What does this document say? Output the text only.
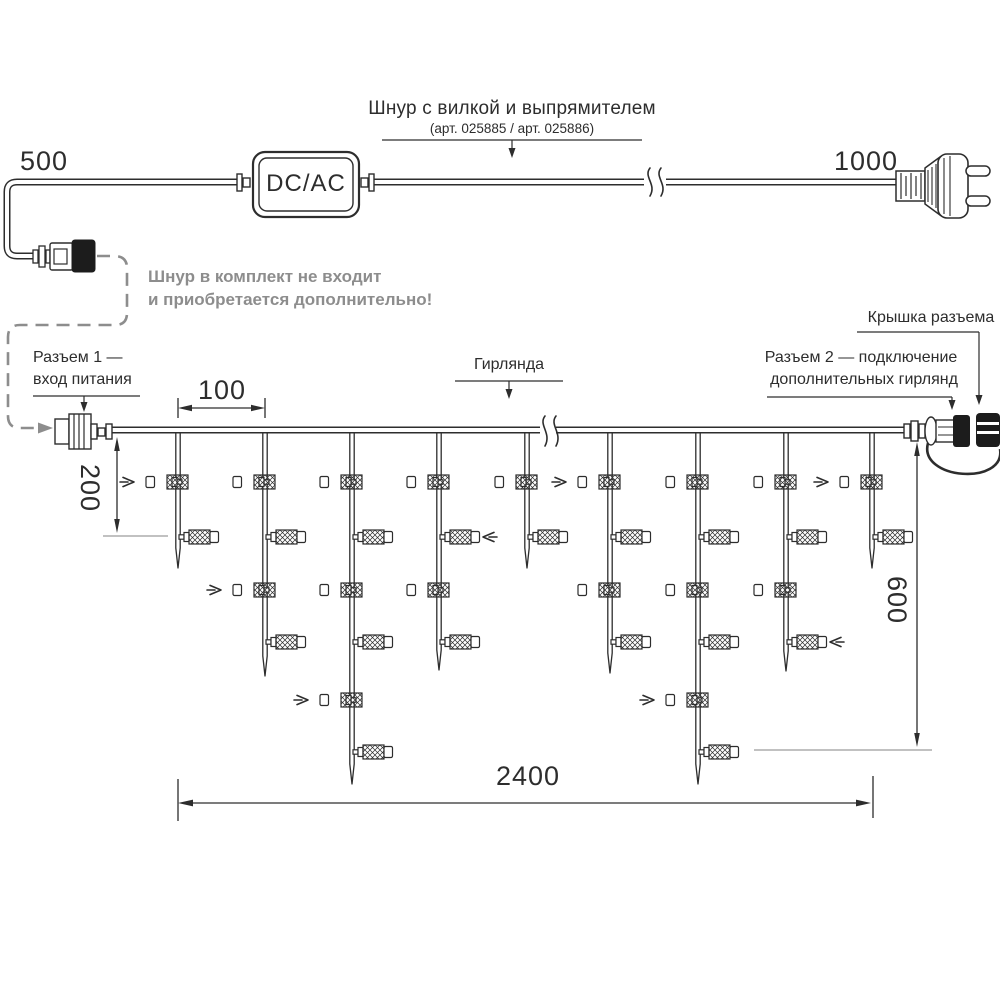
Шнур с вилкой и выпрямителем
(арт. 025885 / арт. 025886)
500	1000
DC/AC
Шнур в комплект не входит
и приобретается дополнительно!
Разъем 1 —
вход питания
Гирлянда	Разъем 2 — подключение
дополнительных гирлянд
Крышка разъема
100
200
600
2400
